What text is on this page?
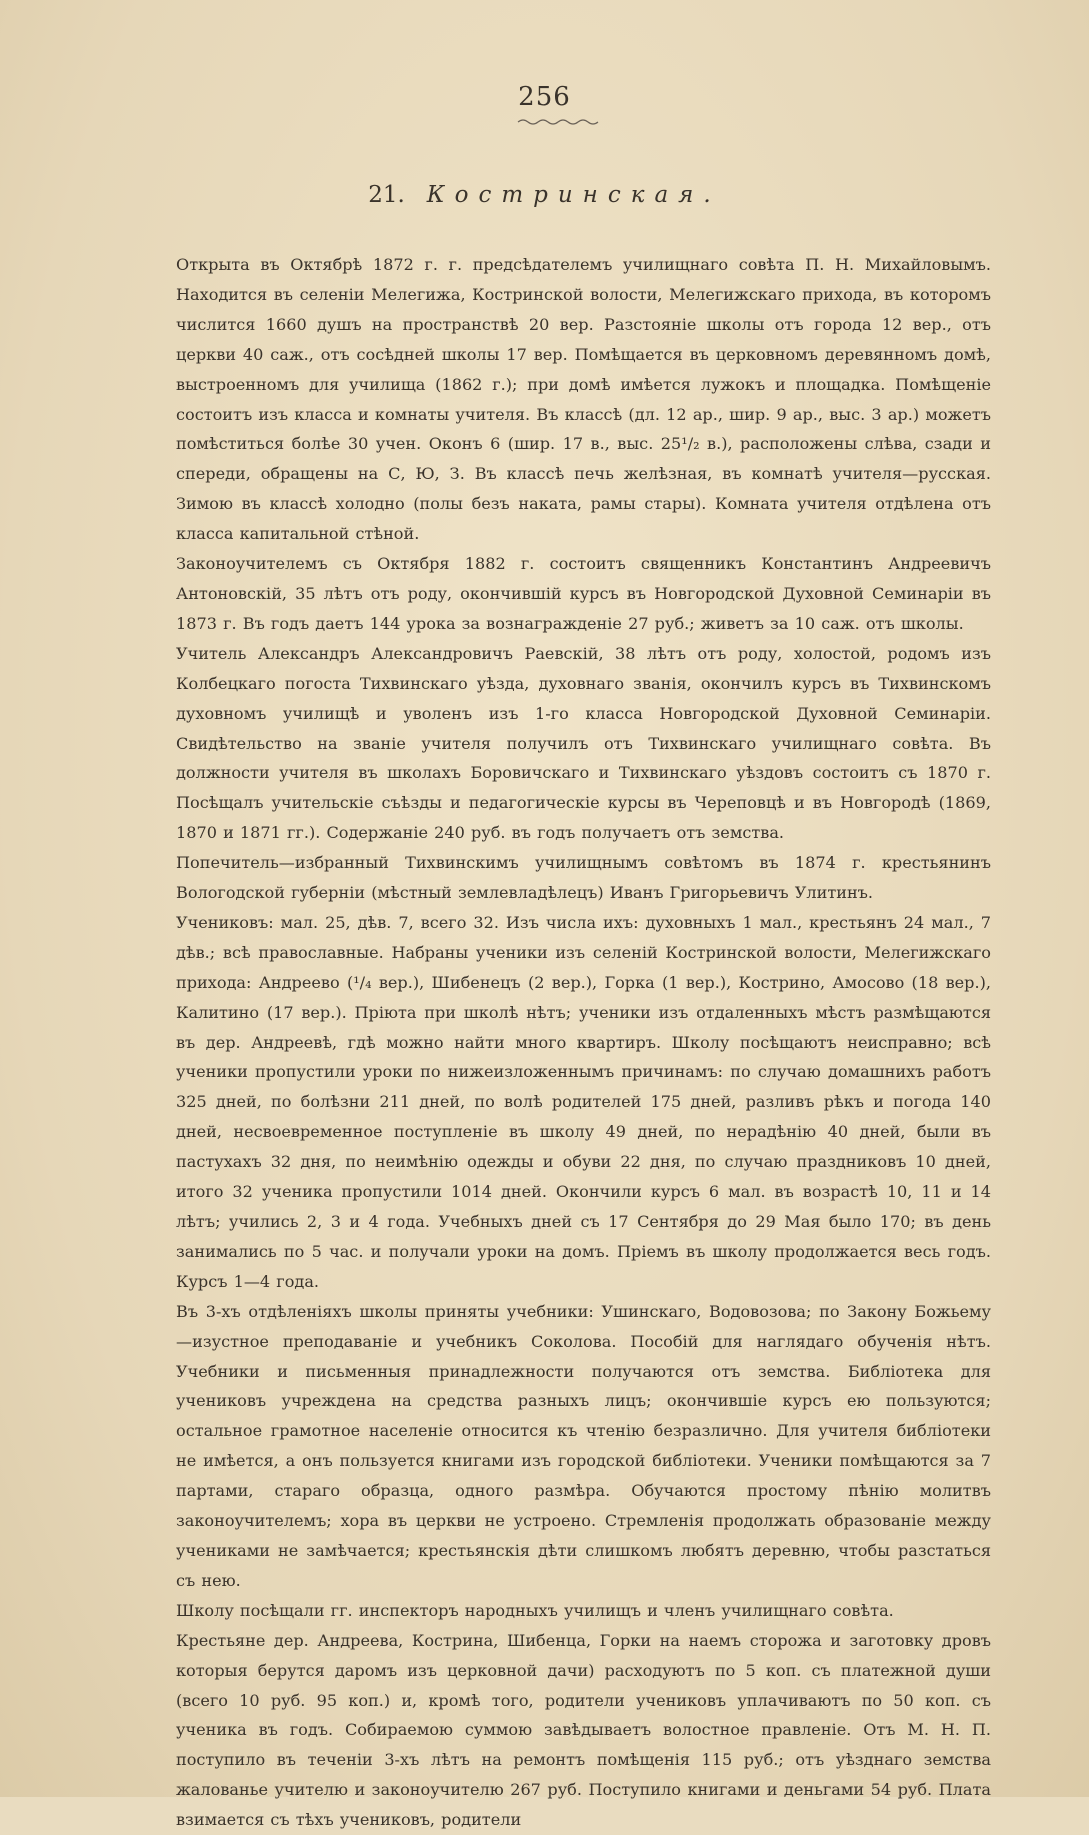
256
21. Костринская.

Открыта въ Октябрѣ 1872 г. г. предсѣдателемъ училищнаго совѣта П. Н. Михайловымъ. Находится въ селеніи Мелегижа, Костринской волости, Мелегижскаго прихода, въ которомъ числится 1660 душъ на пространствѣ 20 вер. Разстояніе школы отъ города 12 вер., отъ церкви 40 саж., отъ сосѣдней школы 17 вер. Помѣщается въ церковномъ деревянномъ домѣ, выстроенномъ для училища (1862 г.); при домѣ имѣется лужокъ и площадка. Помѣщеніе состоитъ изъ класса и комнаты учителя. Въ классѣ (дл. 12 ар., шир. 9 ар., выс. 3 ар.) можетъ помѣститься болѣе 30 учен. Оконъ 6 (шир. 17 в., выс. 25¹/₂ в.), расположены слѣва, сзади и спереди, обращены на С, Ю, З. Въ классѣ печь желѣзная, въ комнатѣ учителя—русская. Зимою въ классѣ холодно (полы безъ наката, рамы стары). Комната учителя отдѣлена отъ класса капитальной стѣной.

Законоучителемъ съ Октября 1882 г. состоитъ священникъ Константинъ Андреевичъ Антоновскій, 35 лѣтъ отъ роду, окончившій курсъ въ Новгородской Духовной Семинаріи въ 1873 г. Въ годъ даетъ 144 урока за вознагражденіе 27 руб.; живетъ за 10 саж. отъ школы.

Учитель Александръ Александровичъ Раевскій, 38 лѣтъ отъ роду, холостой, родомъ изъ Колбецкаго погоста Тихвинскаго уѣзда, духовнаго званія, окончилъ курсъ въ Тихвинскомъ духовномъ училищѣ и уволенъ изъ 1-го класса Новгородской Духовной Семинаріи. Свидѣтельство на званіе учителя получилъ отъ Тихвинскаго училищнаго совѣта. Въ должности учителя въ школахъ Боровичскаго и Тихвинскаго уѣздовъ состоитъ съ 1870 г. Посѣщалъ учительскіе съѣзды и педагогическіе курсы въ Череповцѣ и въ Новгородѣ (1869, 1870 и 1871 гг.). Содержаніе 240 руб. въ годъ получаетъ отъ земства.

Попечитель—избранный Тихвинскимъ училищнымъ совѣтомъ въ 1874 г. крестьянинъ Вологодской губерніи (мѣстный землевладѣлецъ) Иванъ Григорьевичъ Улитинъ.

Учениковъ: мал. 25, дѣв. 7, всего 32. Изъ числа ихъ: духовныхъ 1 мал., крестьянъ 24 мал., 7 дѣв.; всѣ православные. Набраны ученики изъ селеній Костринской волости, Мелегижскаго прихода: Андреево (¹/₄ вер.), Шибенецъ (2 вер.), Горка (1 вер.), Кострино, Амосово (18 вер.), Калитино (17 вер.). Пріюта при школѣ нѣтъ; ученики изъ отдаленныхъ мѣстъ размѣщаются въ дер. Андреевѣ, гдѣ можно найти много квартиръ. Школу посѣщаютъ неисправно; всѣ ученики пропустили уроки по нижеизложеннымъ причинамъ: по случаю домашнихъ работъ 325 дней, по болѣзни 211 дней, по волѣ родителей 175 дней, разливъ рѣкъ и погода 140 дней, несвоевременное поступленіе въ школу 49 дней, по нерадѣнію 40 дней, были въ пастухахъ 32 дня, по неимѣнію одежды и обуви 22 дня, по случаю праздниковъ 10 дней, итого 32 ученика пропустили 1014 дней. Окончили курсъ 6 мал. въ возрастѣ 10, 11 и 14 лѣтъ; учились 2, 3 и 4 года. Учебныхъ дней съ 17 Сентября до 29 Мая было 170; въ день занимались по 5 час. и получали уроки на домъ. Пріемъ въ школу продолжается весь годъ. Курсъ 1—4 года.

Въ 3-хъ отдѣленіяхъ школы приняты учебники: Ушинскаго, Водовозова; по Закону Божьему—изустное преподаваніе и учебникъ Соколова. Пособій для наглядаго обученія нѣтъ. Учебники и письменныя принадлежности получаются отъ земства. Библіотека для учениковъ учреждена на средства разныхъ лицъ; окончившіе курсъ ею пользуются; остальное грамотное населеніе относится къ чтенію безразлично. Для учителя библіотеки не имѣется, а онъ пользуется книгами изъ городской библіотеки. Ученики помѣщаются за 7 партами, стараго образца, одного размѣра. Обучаются простому пѣнію молитвъ законоучителемъ; хора въ церкви не устроено. Стремленія продолжать образованіе между учениками не замѣчается; крестьянскія дѣти слишкомъ любятъ деревню, чтобы разстаться съ нею.

Школу посѣщали гг. инспекторъ народныхъ училищъ и членъ училищнаго совѣта.

Крестьяне дер. Андреева, Кострина, Шибенца, Горки на наемъ сторожа и заготовку дровъ которыя берутся даромъ изъ церковной дачи) расходуютъ по 5 коп. съ платежной души (всего 10 руб. 95 коп.) и, кромѣ того, родители учениковъ уплачиваютъ по 50 коп. съ ученика въ годъ. Собираемою суммою завѣдываетъ волостное правленіе. Отъ М. Н. П. поступило въ теченіи 3-хъ лѣтъ на ремонтъ помѣщенія 115 руб.; отъ уѣзднаго земства жалованье учителю и законоучителю 267 руб. Поступило книгами и деньгами 54 руб. Плата взимается съ тѣхъ учениковъ, родители
